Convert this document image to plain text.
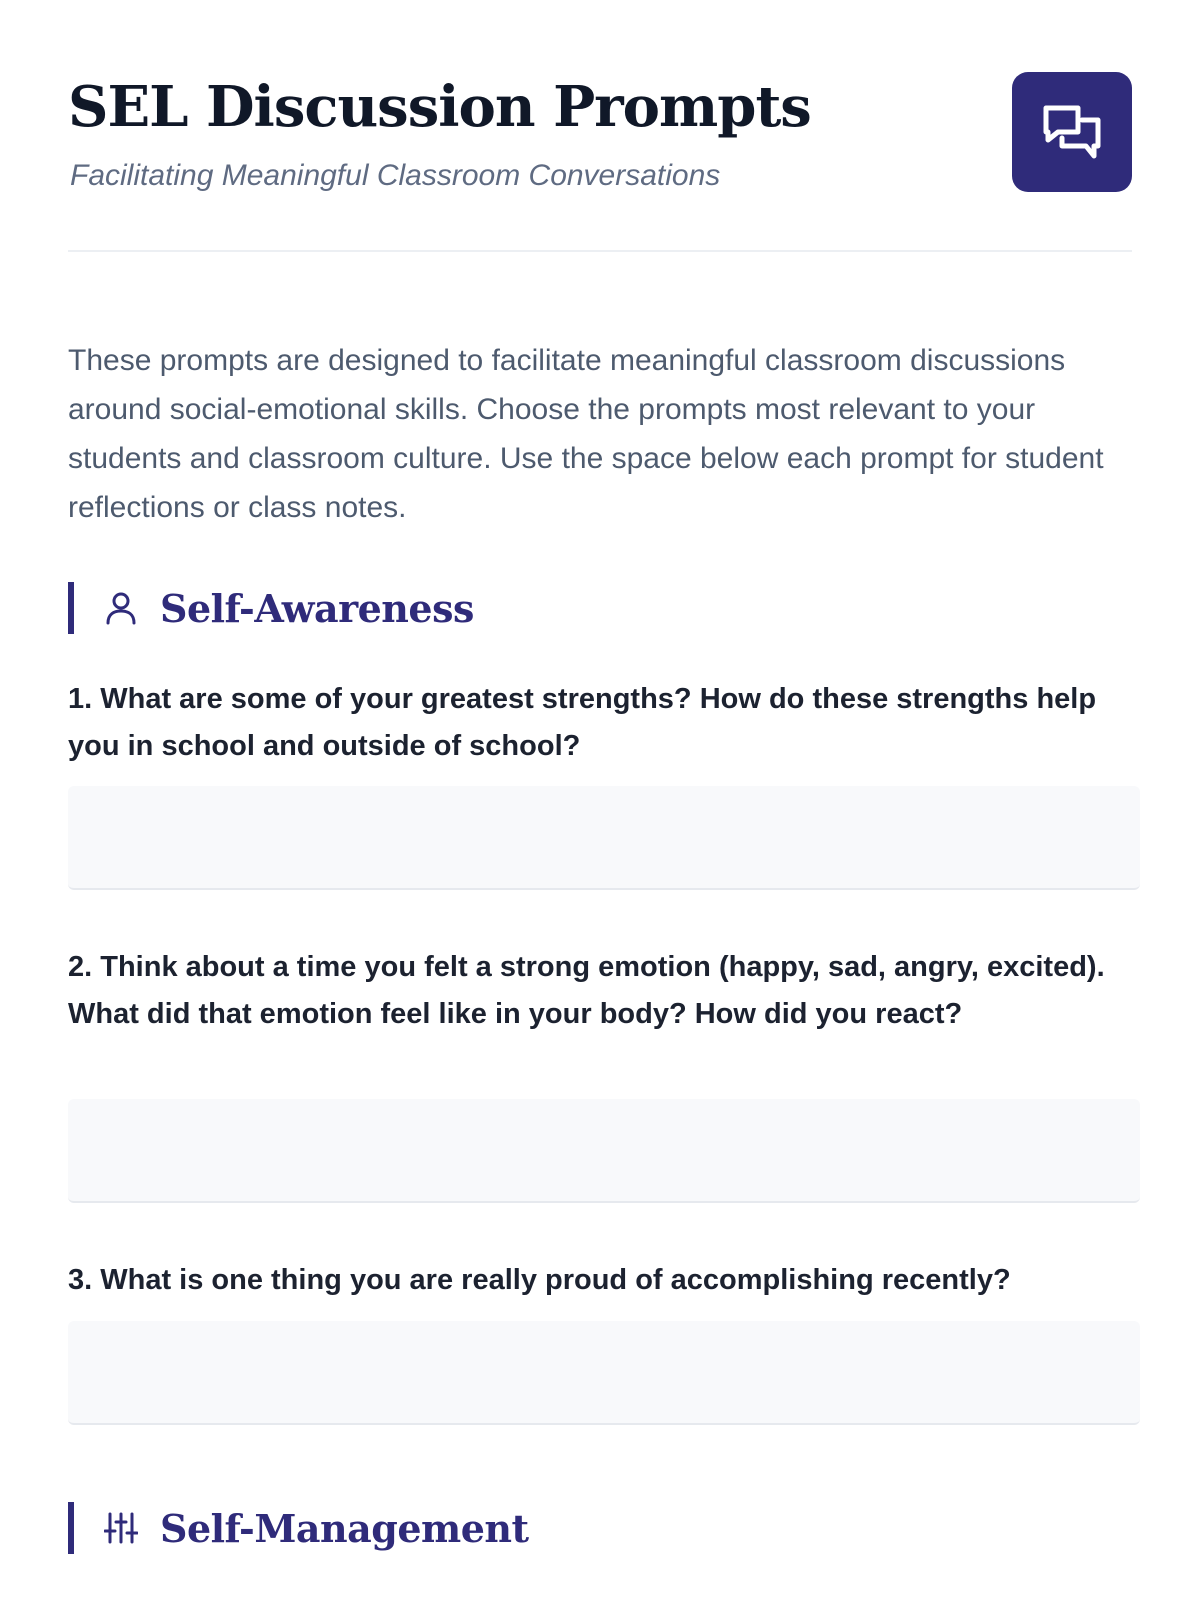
SEL Discussion Prompts
Facilitating Meaningful Classroom Conversations

These prompts are designed to facilitate meaningful classroom discussions around social-emotional skills. Choose the prompts most relevant to your students and classroom culture. Use the space below each prompt for student reflections or class notes.

Self-Awareness
1. What are some of your greatest strengths? How do these strengths help you in school and outside of school?
2. Think about a time you felt a strong emotion (happy, sad, angry, excited). What did that emotion feel like in your body? How did you react?
3. What is one thing you are really proud of accomplishing recently?
Self-Management
